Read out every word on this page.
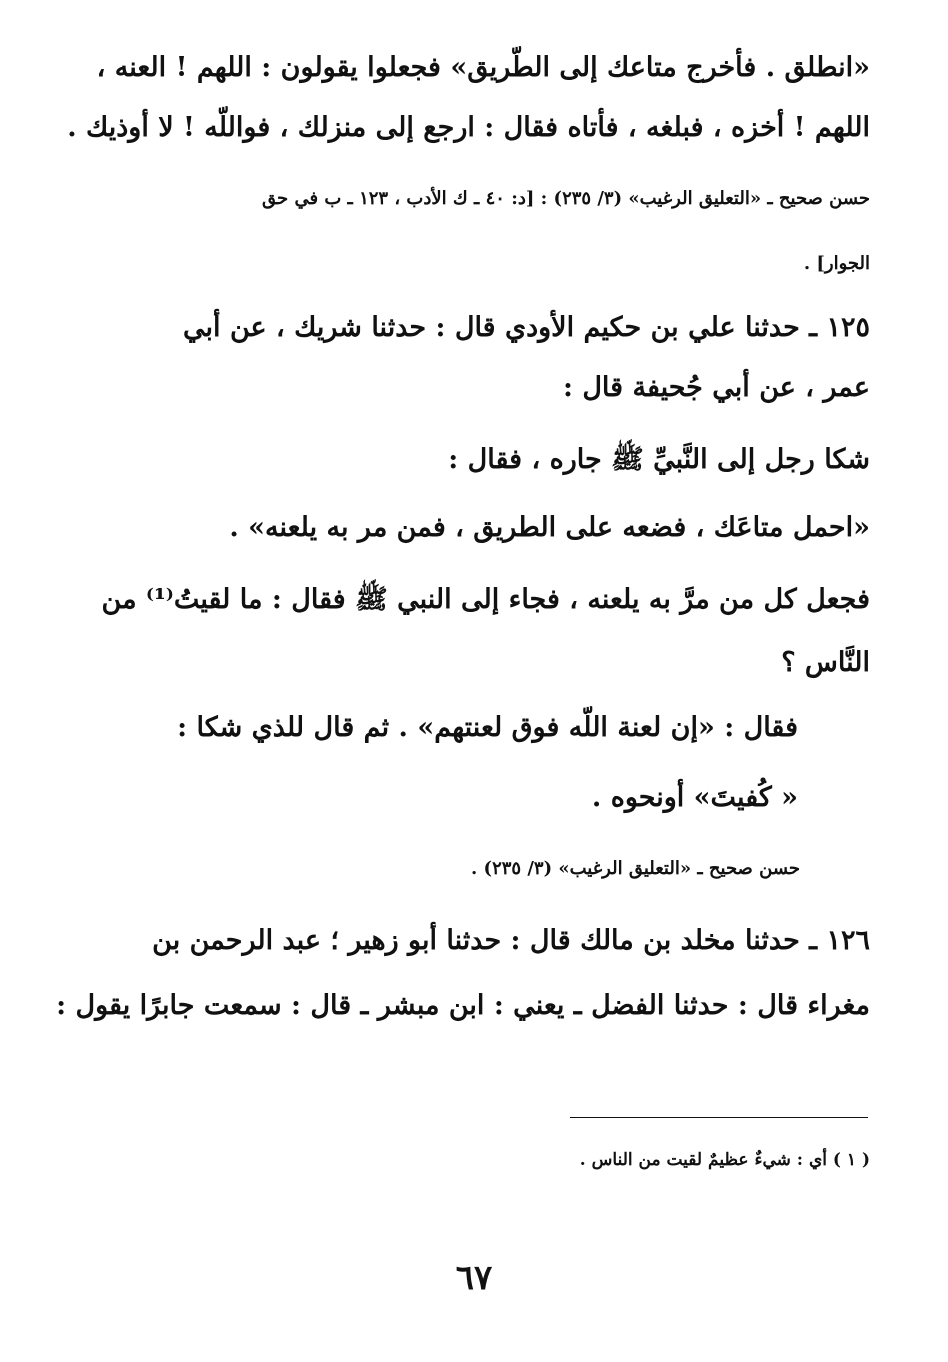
«انطلق . فأخرج متاعك إلى الطّريق» فجعلوا يقولون : اللهم ! العنه ،
اللهم ! أخزه ، فبلغه ، فأتاه فقال : ارجع إلى منزلك ، فواللّه ! لا أوذيك .
حسن صحيح ـ «التعليق الرغيب» (٣/ ٢٣٥) : [د: ٤٠ ـ ك الأدب ، ١٢٣ ـ ب في حق
الجوار] .
١٢٥ ـ حدثنا علي بن حكيم الأودي قال : حدثنا شريك ، عن أبي
عمر ، عن أبي جُحيفة قال :
شكا رجل إلى النَّبيِّ ﷺ جاره ، فقال :
«احمل متاعَك ، فضعه على الطريق ، فمن مر به يلعنه» .
فجعل كل من مرَّ به يلعنه ، فجاء إلى النبي ﷺ فقال : ما لقيتُ⁽¹⁾ من
النَّاس ؟
فقال : «إن لعنة اللّه فوق لعنتهم» . ثم قال للذي شكا :
« كُفيتَ» أونحوه .
حسن صحيح ـ «التعليق الرغيب» (٣/ ٢٣٥) .
١٢٦ ـ حدثنا مخلد بن مالك قال : حدثنا أبو زهير ؛ عبد الرحمن بن
مغراء قال : حدثنا الفضل ـ يعني : ابن مبشر ـ قال : سمعت جابرًا يقول :
( ١ ) أي : شيءٌ عظيمٌ لقيت من الناس .
٦٧
